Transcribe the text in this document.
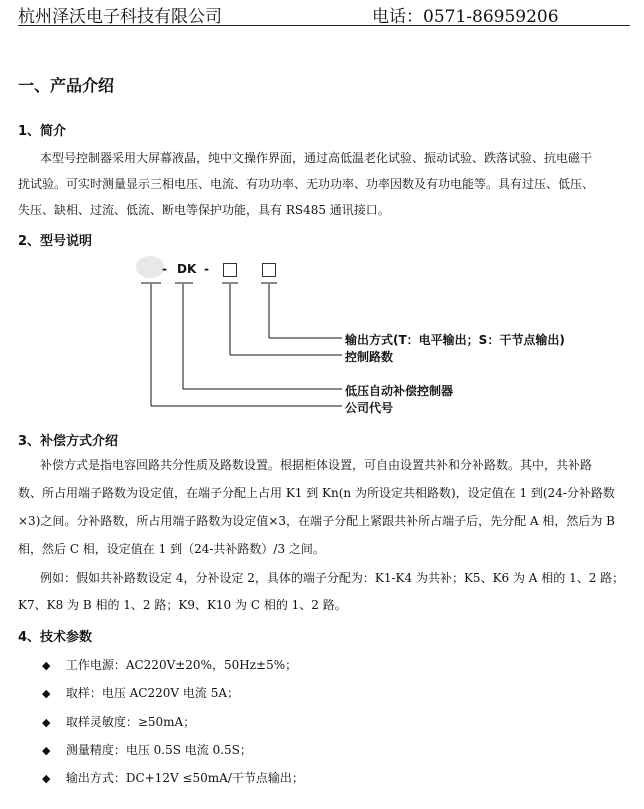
杭州泽沃电子科技有限公司	电话：0571-86959206
一、产品介绍
1、简介
本型号控制器采用大屏幕液晶，纯中文操作界面，通过高低温老化试验、振动试验、跌落试验、抗电磁干
扰试验。可实时测量显示三相电压、电流、有功功率、无功功率、功率因数及有功电能等。具有过压、低压、
失压、缺相、过流、低流、断电等保护功能，具有 RS485 通讯接口。
2、型号说明
- DK -
输出方式(T：电平输出；S：干节点输出)
控制路数
低压自动补偿控制器
公司代号
3、补偿方式介绍
补偿方式是指电容回路共分性质及路数设置。根据柜体设置，可自由设置共补和分补路数。其中，共补路
数、所占用端子路数为设定值，在端子分配上占用 K1 到 Kn(n 为所设定共相路数)，设定值在 1 到(24-分补路数
×3)之间。分补路数，所占用端子路数为设定值×3，在端子分配上紧跟共补所占端子后，先分配 A 相，然后为 B
相，然后 C 相，设定值在 1 到（24-共补路数）/3 之间。
例如：假如共补路数设定 4，分补设定 2，具体的端子分配为：K1-K4 为共补；K5、K6 为 A 相的 1、2 路；
K7、K8 为 B 相的 1、2 路；K9、K10 为 C 相的 1、2 路。
4、技术参数
◆ 工作电源：AC220V±20%，50Hz±5%；
◆ 取样：电压 AC220V 电流 5A；
◆ 取样灵敏度：≥50mA；
◆ 测量精度：电压 0.5S 电流 0.5S；
◆ 输出方式：DC+12V ≤50mA/干节点输出；
